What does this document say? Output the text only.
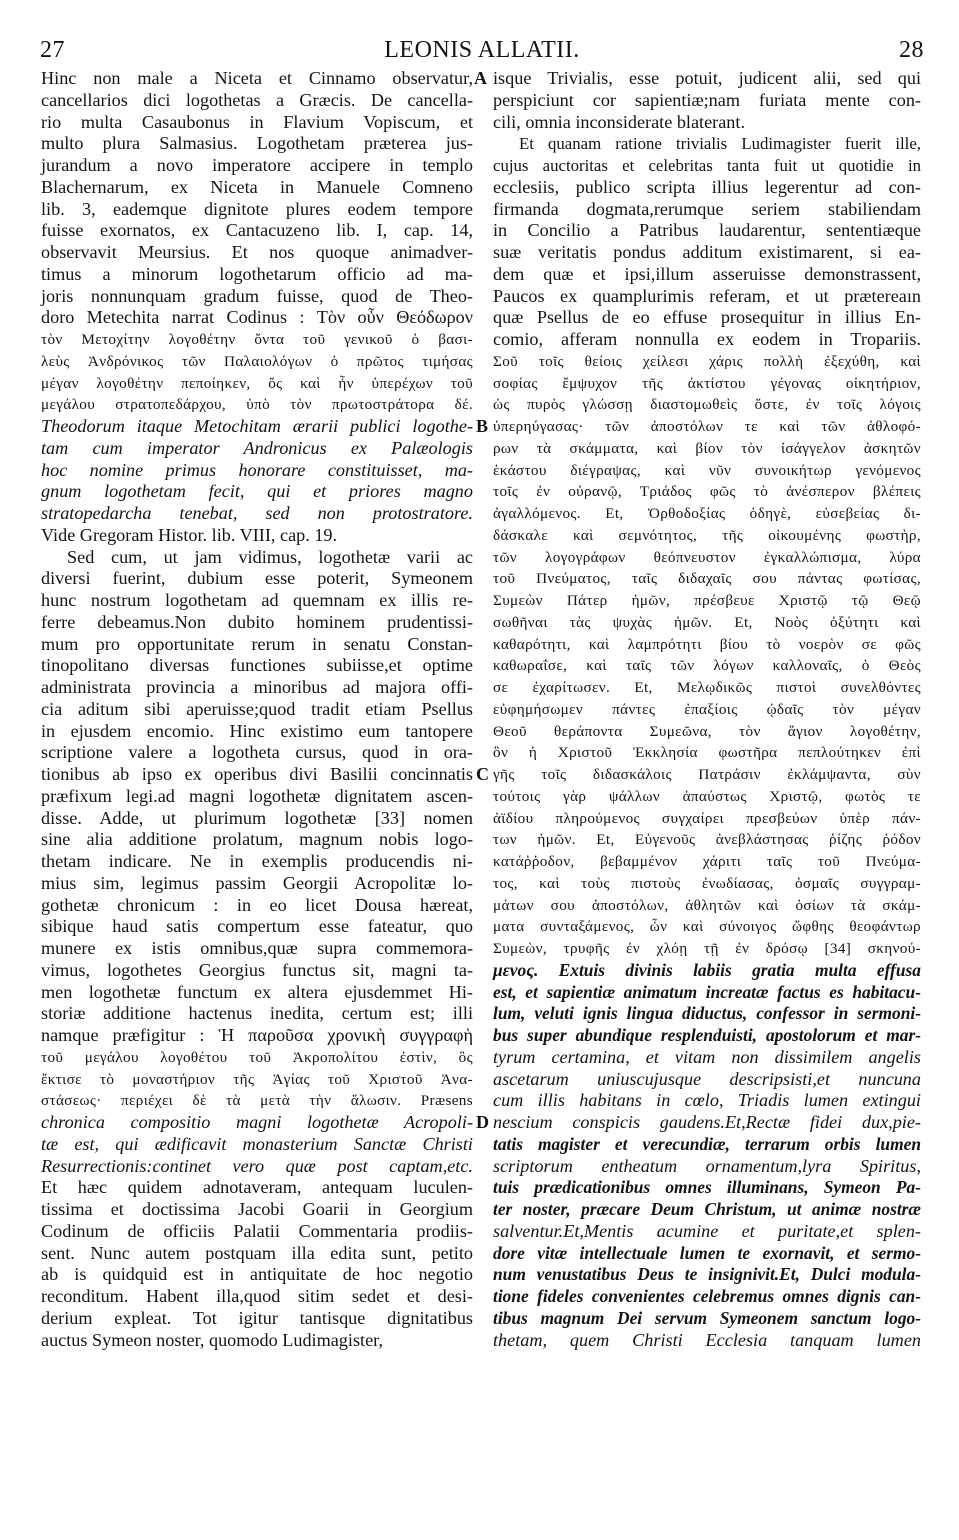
27	LEONIS ALLATII.	28
A
B
C
D
Hinc non male a Niceta et Cinnamo observatur,
cancellarios dici logothetas a Græcis. De cancella-
rio multa Casaubonus in Flavium Vopiscum, et
multo plura Salmasius. Logothetam præterea jus-
jurandum a novo imperatore accipere in templo
Blachernarum, ex Niceta in Manuele Comneno
lib. 3, eademque dignitote plures eodem tempore
fuisse exornatos, ex Cantacuzeno lib. I, cap. 14,
observavit Meursius. Et nos quoque animadver-
timus a minorum logothetarum officio ad ma-
joris nonnunquam gradum fuisse, quod de Theo-
doro Metechita narrat Codinus : Τὸν οὖν Θεόδωρον
τὸν Μετοχίτην λογοθέτην ὄντα τοῦ γενικοῦ ὁ βασι-
λεὺς Ἀνδρόνικος τῶν Παλαιολόγων ὁ πρῶτος τιμήσας
μέγαν λογοθέτην πεποίηκεν, ὅς καὶ ἦν ὑπερέχων τοῦ
μεγάλου στρατοπεδάρχου, ὑπὸ τὸν πρωτοστράτορα δέ.
Theodorum itaque Metochitam ærarii publici logothe-
tam cum imperator Andronicus ex Palæologis
hoc nomine primus honorare constituisset, ma-
gnum logothetam fecit, qui et priores magno
stratopedarcha tenebat, sed non protostratore.
Vide Gregoram Histor. lib. VIII, cap. 19.
Sed cum, ut jam vidimus, logothetæ varii ac
diversi fuerint, dubium esse poterit, Symeonem
hunc nostrum logothetam ad quemnam ex illis re-
ferre debeamus.Non dubito hominem prudentissi-
mum pro opportunitate rerum in senatu Constan-
tinopolitano diversas functiones subiisse,et optime
administrata provincia a minoribus ad majora offi-
cia aditum sibi aperuisse;quod tradit etiam Psellus
in ejusdem encomio. Hinc existimo eum tantopere
scriptione valere a logotheta cursus, quod in ora-
tionibus ab ipso ex operibus divi Basilii concinnatis
præfixum legi.ad magni logothetæ dignitatem ascen-
disse. Adde, ut plurimum logothetæ [33] nomen
sine alia additione prolatum, magnum nobis logo-
thetam indicare. Ne in exemplis producendis ni-
mius sim, legimus passim Georgii Acropolitæ lo-
gothetæ chronicum : in eo licet Dousa hæreat,
sibique haud satis compertum esse fateatur, quo
munere ex istis omnibus,quæ supra commemora-
vimus, logothetes Georgius functus sit, magni ta-
men logothetæ functum ex altera ejusdemmet Hi-
storiæ additione hactenus inedita, certum est; illi
namque præfigitur : Ἡ παροῦσα χρονικὴ συγγραφὴ
τοῦ μεγάλου λογοθέτου τοῦ Ἀκροπολίτου ἐστὶν, ὃς
ἔκτισε τὸ μοναστήριον τῆς Ἁγίας τοῦ Χριστοῦ Ἀνα-
στάσεως· περιέχει δὲ τὰ μετὰ τὴν ἅλωσιν. Præsens
chronica compositio magni logothetæ Acropoli-
tæ est, qui ædificavit monasterium Sanctæ Christi
Resurrectionis:continet vero quæ post captam,etc.
Et hæc quidem adnotaveram, antequam luculen-
tissima et doctissima Jacobi Goarii in Georgium
Codinum de officiis Palatii Commentaria prodiis-
sent. Nunc autem postquam illa edita sunt, petito
ab is quidquid est in antiquitate de hoc negotio
reconditum. Habent illa,quod sitim sedet et desi-
derium expleat. Tot igitur tantisque dignitatibus
auctus Symeon noster, quomodo Ludimagister,
isque Trivialis, esse potuit, judicent alii, sed qui
perspiciunt cor sapientiæ;nam furiata mente con-
cili, omnia inconsiderate blaterant.
Et quanam ratione trivialis Ludimagister fuerit ille,
cujus auctoritas et celebritas tanta fuit ut quotidie in
ecclesiis, publico scripta illius legerentur ad con-
firmanda dogmata,rerumque seriem stabiliendam
in Concilio a Patribus laudarentur, sententiæque
suæ veritatis pondus additum existimarent, si ea-
dem quæ et ipsi,illum asseruisse demonstrassent,
Paucos ex quamplurimis referam, et ut prætereaın
quæ Psellus de eo effuse prosequitur in illius En-
comio, afferam nonnulla ex eodem in Tropariis.
Σοῦ τοῖς θείοις χείλεσι χάρις πολλὴ ἐξεχύθη, καὶ
σοφίας ἔμψυχον τῆς ἀκτίστου γέγονας οἰκητήριον,
ὡς πυρὸς γλώσσῃ διαστομωθεὶς ὅστε, ἐν τοῖς λόγοις
ὑπερηύγασας· τῶν ἀποστόλων τε καὶ τῶν ἀθλοφό-
ρων τὰ σκάμματα, καὶ βίον τὸν ἰσάγγελον ἀσκητῶν
ἑκάστου διέγραψας, καὶ νῦν συνοικήτωρ γενόμενος
τοῖς ἐν οὐρανῷ, Τριάδος φῶς τὸ ἀνέσπερον βλέπεις
ἀγαλλόμενος. Et, Ὀρθοδοξίας ὁδηγὲ, εὐσεβείας δι-
δάσκαλε καὶ σεμνότητος, τῆς οἰκουμένης φωστὴρ,
τῶν λογογράφων θεόπνευστον ἐγκαλλώπισμα, λύρα
τοῦ Πνεύματος, ταῖς διδαχαῖς σου πάντας φωτίσας,
Συμεὼν Πάτερ ἡμῶν, πρέσβευε Χριστῷ τῷ Θεῷ
σωθῆναι τὰς ψυχὰς ἡμῶν. Et, Νοὸς ὀξύτητι καὶ
καθαρότητι, καὶ λαμπρότητι βίου τὸ νοερὸν σε φῶς
καθωραΐσε, καὶ ταῖς τῶν λόγων καλλοναῖς, ὁ Θεὸς
σε ἐχαρίτωσεν. Et, Μελῳδικῶς πιστοὶ συνελθόντες
εὐφημήσωμεν πάντες ἐπαξίοις ᾠδαῖς τὸν μέγαν
Θεοῦ θεράποντα Συμεῶνα, τὸν ἅγιον λογοθέτην,
ὃν ἡ Χριστοῦ Ἐκκλησία φωστῆρα πεπλούτηκεν ἐπὶ
γῆς τοῖς διδασκάλοις Πατράσιν ἐκλάμψαντα, σὺν
τούτοις γὰρ ψάλλων ἀπαύστως Χριστῷ, φωτὸς τε
ἀϊδίου πληρούμενος συγχαίρει πρεσβεύων ὑπὲρ πάν-
των ἡμῶν. Et, Εὐγενοῦς ἀνεβλάστησας ῥίζης ῥόδον
κατάῤῥοδον, βεβαμμένον χάριτι ταῖς τοῦ Πνεύμα-
τος, καὶ τοὺς πιστοὺς ἐνωδίασας, ὀσμαῖς συγγραμ-
μάτων σου ἀποστόλων, ἀθλητῶν καὶ ὁσίων τὰ σκάμ-
ματα συνταξάμενος, ὧν καὶ σύνοιγος ὤφθης θεοφάντωρ
Συμεὼν, τρυφῆς ἐν χλόῃ τῇ ἐν δρόσῳ [34] σκηνού-
μενος. Extuis divinis labiis gratia multa effusa
est, et sapientiæ animatum increatæ factus es habitacu-
lum, veluti ignis lingua diductus, confessor in sermoni-
bus super abundique resplenduisti, apostolorum et mar-
tyrum certamina, et vitam non dissimilem angelis
ascetarum uniuscujusque descripsisti,et nuncuna
cum illis habitans in cœlo, Triadis lumen extingui
nescium conspicis gaudens.Et,Rectæ fidei dux,pie-
tatis magister et verecundiæ, terrarum orbis lumen
scriptorum entheatum ornamentum,lyra Spiritus,
tuis prædicationibus omnes illuminans, Symeon Pa-
ter noster, præcare Deum Christum, ut animæ nostræ
salventur.Et,Mentis acumine et puritate,et splen-
dore vitæ intellectuale lumen te exornavit, et sermo-
num venustatibus Deus te insignivit.Et, Dulci modula-
tione fideles convenientes celebremus omnes dignis can-
tibus magnum Dei servum Symeonem sanctum logo-
thetam, quem Christi Ecclesia tanquam lumen
